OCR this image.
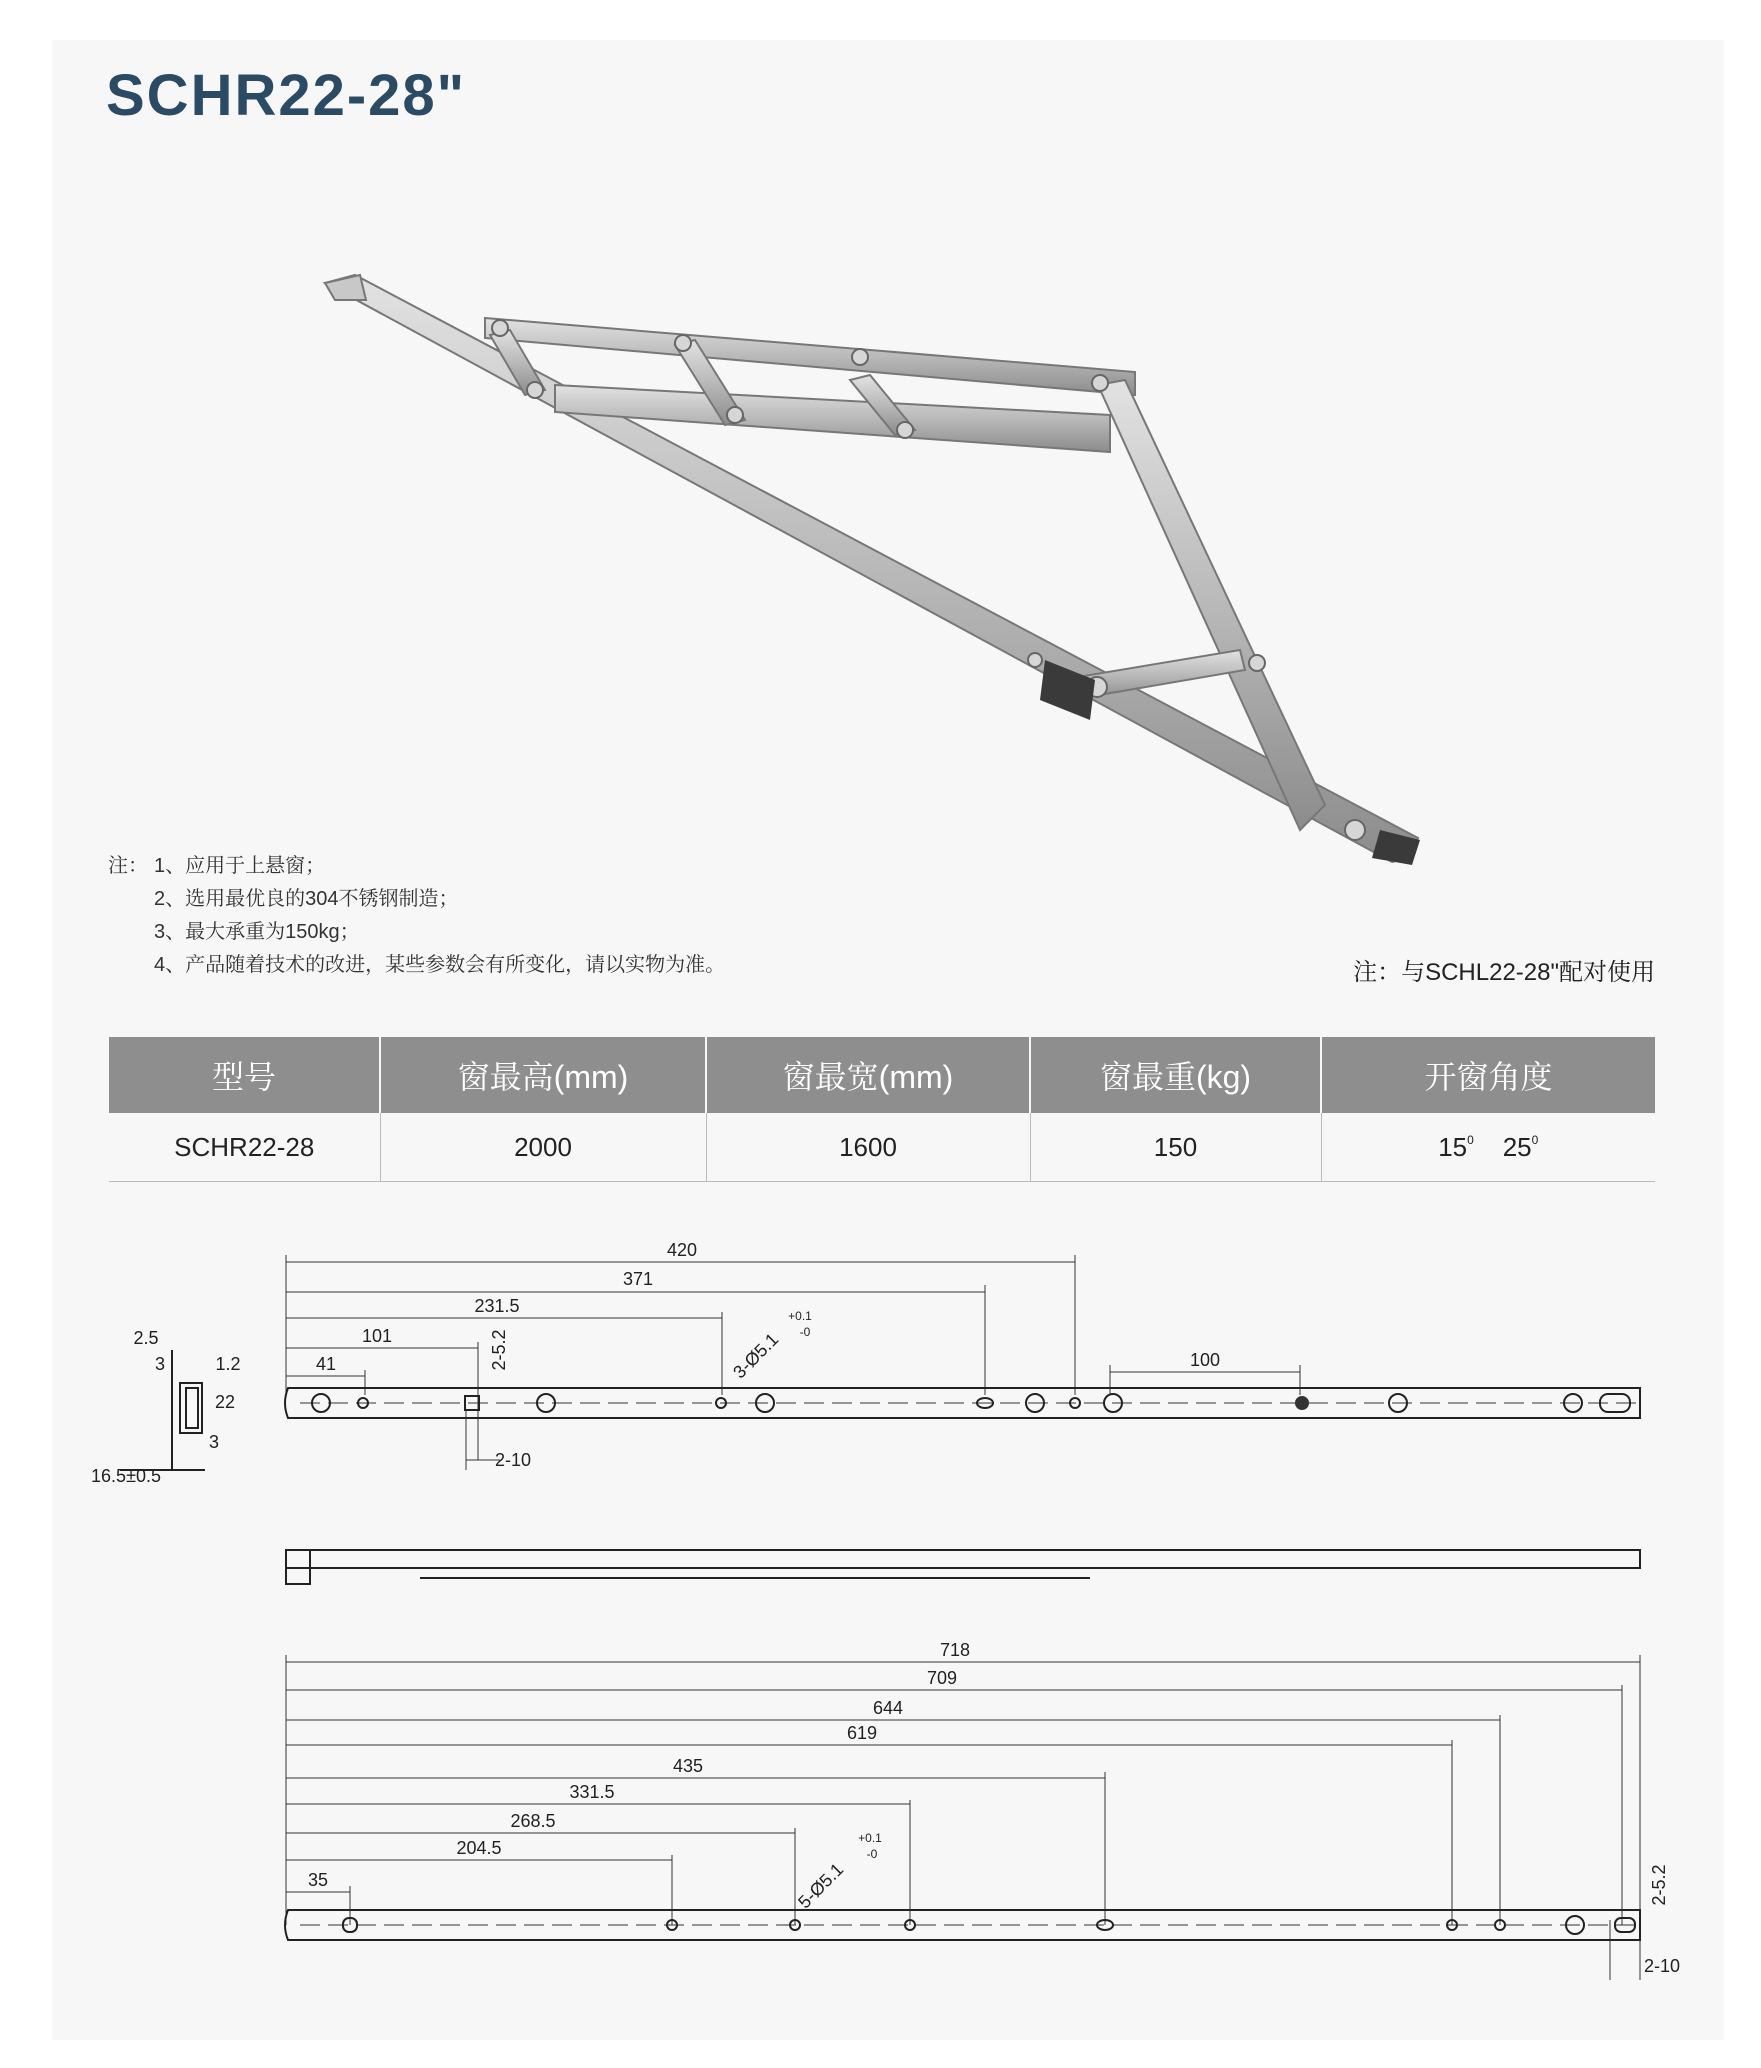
SCHR22-28"
注： 1、应用于上悬窗；
2、选用最优良的304不锈钢制造；
3、最大承重为150kg；
4、产品随着技术的改进，某些参数会有所变化，请以实物为准。	注：与SCHL22-28"配对使用
型号	窗最高(mm)	窗最宽(mm)	窗最重(kg)	开窗角度
SCHR22-28	2000	1600	150	$15^0$ $25^0$
420
371
231.5
101
41	2-5.2	3-Ø5.1
+0.1
-0
100
2-10
2.5
3	1.2
22
3
16.5±0.5
718
709
644
619
435
331.5
268.5
204.5
35	5-Ø5.1
+0.1
-0
2-5.2
2-10
